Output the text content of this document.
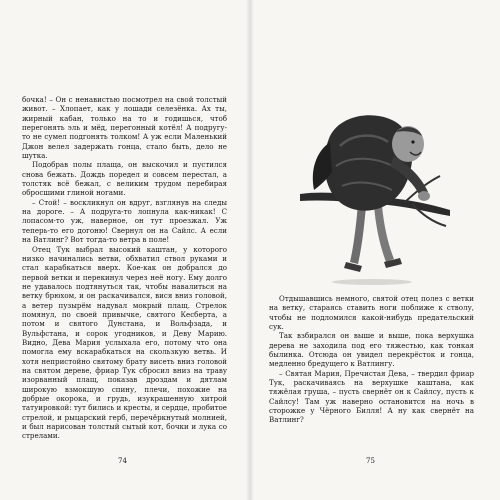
бочка! – Он с ненавистью посмотрел на свой толстый живот. – Хлопает, как у лошади селезёнка. Ах ты, жирный кабан, только на то и годишься, чтоб перегонять эль и мёд, перегонный котёл! А подругу-то не сумел подгонять толком! А уж если Маленький Джон велел задержать гонца, стало быть, дело не шутка.

Подобрав полы плаща, он выскочил и пустился снова бежать. Дождь поредел и совсем перестал, а толстяк всё бежал, с великим трудом перебирая обросшими глиной ногами.

– Стой! – воскликнул он вдруг, взглянув на следы на дороге. – А подруга-то лопнула как-никак! С лопасом-то уж, наверное, он тут проезжал. Уж теперь-то его догоню! Свернул он на Сайлс. А если на Ватлинг? Вот тогда-то ветра в поле!

Отец Тук выбрал высокий каштан, у которого низко начинались ветви, обхватил ствол руками и стал карабкаться вверх. Кое-как он добрался до первой ветки и перекинул через неё ногу. Ему долго не удавалось подтянуться так, чтобы навалиться на ветку брюхом, и он раскачивался, вися вниз головой, а ветер пузырём надувал мокрый плащ. Стрелок помянул, по своей привычке, святого Кесберта, а потом и святого Дунстана, и Вольфзада, и Вульфстана, и сорок угодников, и Деву Марию. Видно, Дева Мария услыхала его, потому что она помогла ему вскарабкаться на скользкую ветвь. И хотя непристойно святому брату висеть вниз головой на святом дереве, фриар Тук сбросил вниз на траву изорванный плащ, показав дроздам и дятлам широкую взмокшую спину, плечи, похожие на добрые окорока, и грудь, изукрашенную хитрой татуировкой: тут бились и кресты, и сердце, пробитое стрелой, и рыцарский герб, перечёркнутый молнией, и был нарисован толстый сытый кот, бочки и лука со стрелами.

74	75

Отдышавшись немного, святой отец полез с ветки на ветку, стараясь ставить ноги поближе к стволу, чтобы не подломился какой-нибудь предательский сук.

Так взбирался он выше и выше, пока верхушка дерева не заходила под его тяжестью, как тонкая былинка. Отсюда он увидел перекрёсток и гонца, медленно бредущего к Ватлингу.

– Святая Мария, Пречистая Дева, – твердил фриар Тук, раскачиваясь на верхушке каштана, как тяжёлая груша, – пусть свернёт он к Сайлсу, пусть к Сайлсу! Там уж наверно остановится на ночь в сторожке у Чёрного Билля! А ну как свернёт на Ватлинг?
